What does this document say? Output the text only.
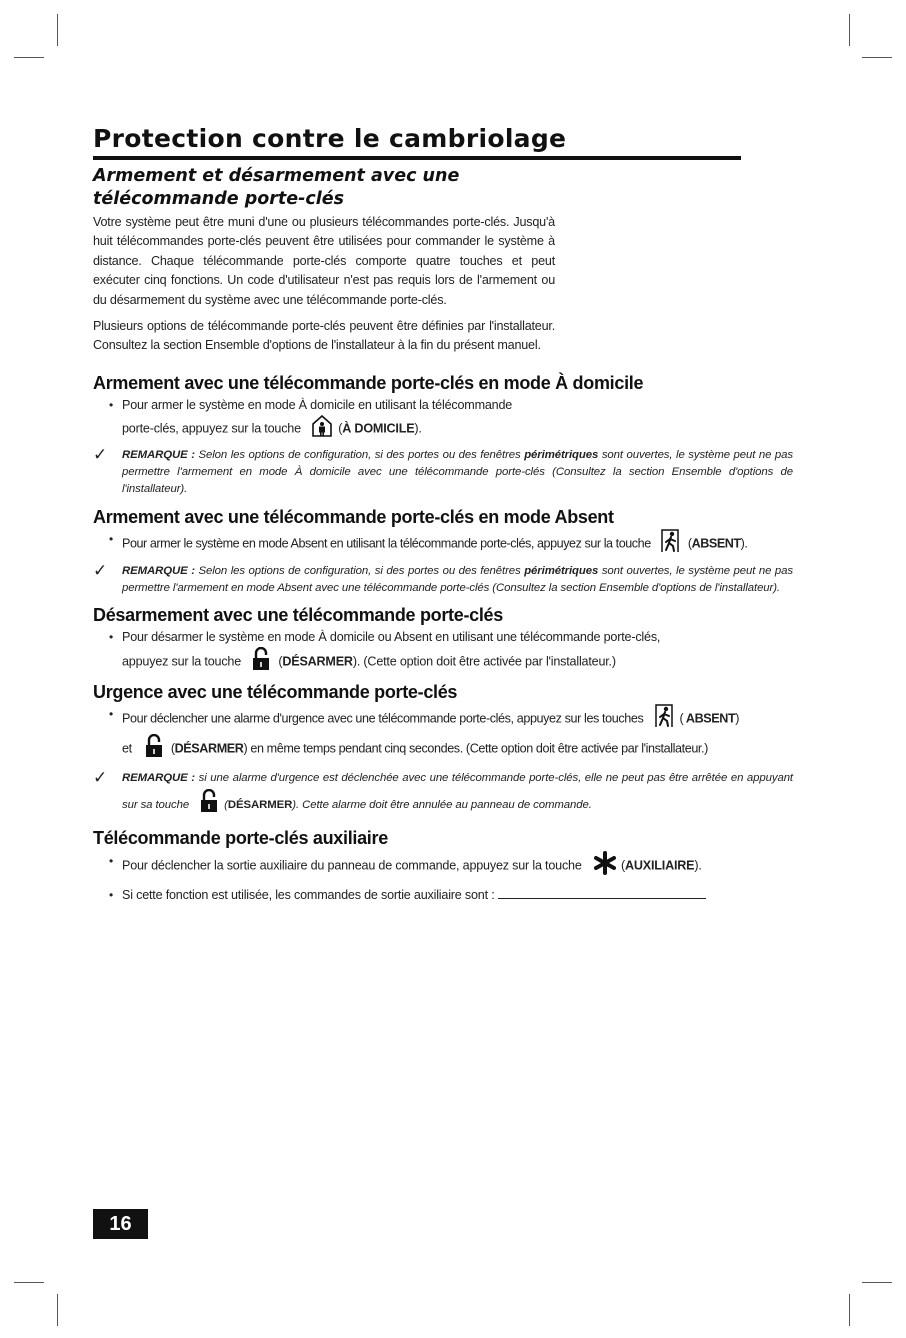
Protection contre le cambriolage
Armement et désarmement avec une
télécommande porte-clés

Votre système peut être muni d'une ou plusieurs télécommandes porte-clés. Jusqu'à huit télécommandes porte-clés peuvent être utilisées pour commander le système à distance. Chaque télécommande porte-clés comporte quatre touches et peut exécuter cinq fonctions. Un code d'utilisateur n'est pas requis lors de l'armement ou du désarmement du système avec une télécommande porte-clés.

Plusieurs options de télécommande porte-clés peuvent être définies par l'installateur. Consultez la section Ensemble d'options de l'installateur à la fin du présent manuel.

Armement avec une télécommande porte-clés en mode À domicile
• Pour armer le système en mode À domicile en utilisant la télécommande
porte-clés, appuyez sur la touche	(À DOMICILE).
✓ REMARQUE : Selon les options de configuration, si des portes ou des fenêtres périmétriques sont ouvertes, le système peut ne pas permettre l'armement en mode À domicile avec une télécommande porte-clés (Consultez la section Ensemble d'options de l'installateur).
Armement avec une télécommande porte-clés en mode Absent
• Pour armer le système en mode Absent en utilisant la télécommande porte-clés, appuyez sur la touche	(ABSENT).
✓ REMARQUE : Selon les options de configuration, si des portes ou des fenêtres périmétriques sont ouvertes, le système peut ne pas permettre l'armement en mode Absent avec une télécommande porte-clés (Consultez la section Ensemble d'options de l'installateur).
Désarmement avec une télécommande porte-clés
• Pour désarmer le système en mode À domicile ou Absent en utilisant une télécommande porte-clés,
appuyez sur la touche	(DÉSARMER). (Cette option doit être activée par l'installateur.)
Urgence avec une télécommande porte-clés
• Pour déclencher une alarme d'urgence avec une télécommande porte-clés, appuyez sur les touches	( ABSENT)
et	(DÉSARMER) en même temps pendant cinq secondes. (Cette option doit être activée par l'installateur.)
✓ REMARQUE : si une alarme d'urgence est déclenchée avec une télécommande porte-clés, elle ne peut pas être arrêtée en appuyant sur sa touche	(DÉSARMER). Cette alarme doit être annulée au panneau de commande.
Télécommande porte-clés auxiliaire
• Pour déclencher la sortie auxiliaire du panneau de commande, appuyez sur la touche	(AUXILIAIRE).
• Si cette fonction est utilisée, les commandes de sortie auxiliaire sont :
16
